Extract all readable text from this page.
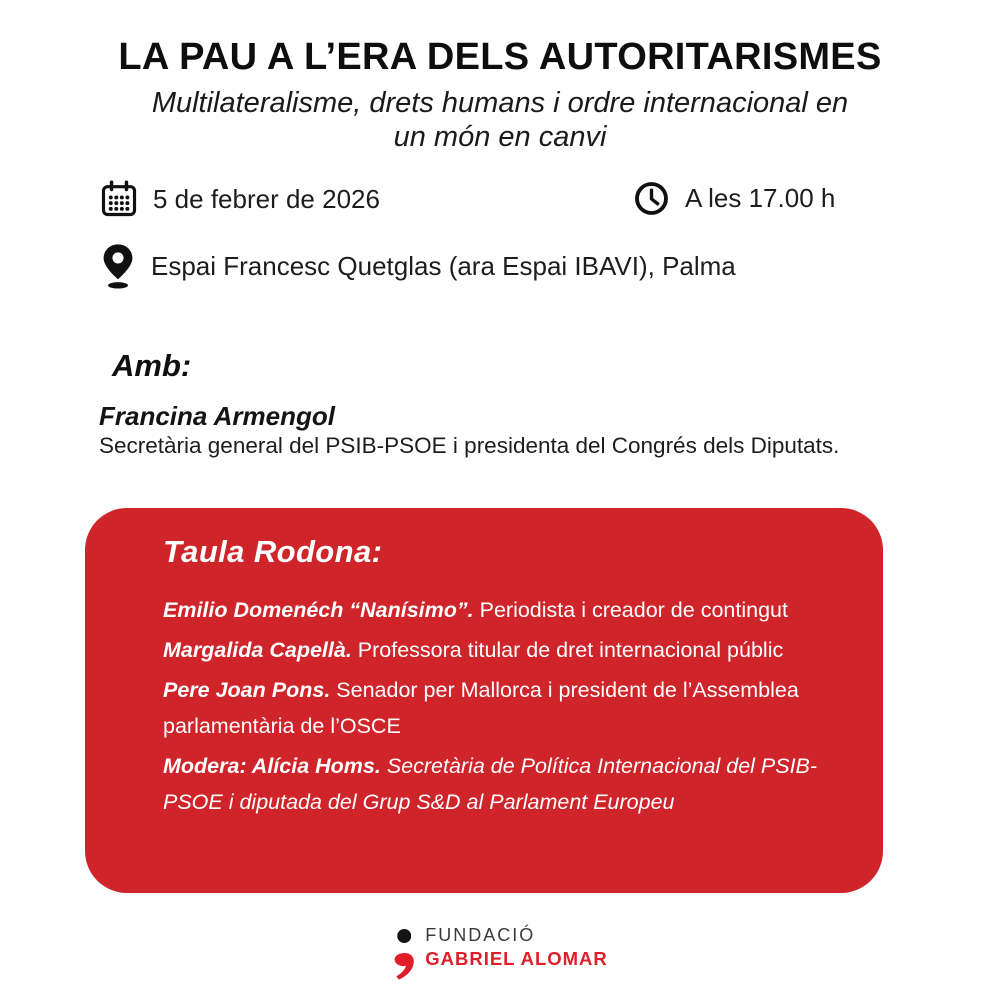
LA PAU A L’ERA DELS AUTORITARISMES
Multilateralisme, drets humans i ordre internacional en un món en canvi
5 de febrer de 2026	A les 17.00 h
Espai Francesc Quetglas (ara Espai IBAVI), Palma
Amb:
Francina Armengol
Secretària general del PSIB-PSOE i presidenta del Congrés dels Diputats.
Taula Rodona:

Emilio Domenéch “Nanísimo”. Periodista i creador de contingut

Margalida Capellà. Professora titular de dret internacional públic

Pere Joan Pons. Senador per Mallorca i president de l’Assemblea parlamentària de l’OSCE

Modera: Alícia Homs. Secretària de Política Internacional del PSIB-PSOE i diputada del Grup S&D al Parlament Europeu

FUNDACIÓ
GABRIEL ALOMAR
